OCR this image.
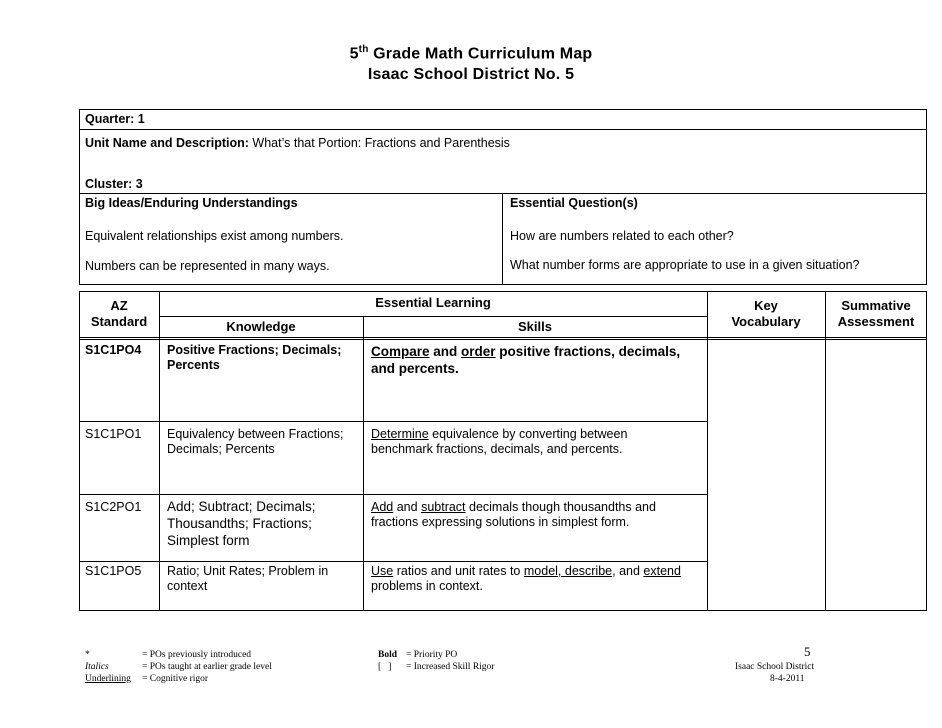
5th Grade Math Curriculum Map
Isaac School District No. 5
Quarter: 1
Unit Name and Description: What’s that Portion: Fractions and Parenthesis
Cluster: 3
Big Ideas/Enduring Understandings
Equivalent relationships exist among numbers.
Numbers can be represented in many ways.
Essential Question(s)
How are numbers related to each other?
What number forms are appropriate to use in a given situation?
AZ
Standard
Essential Learning
Knowledge	Skills
Key
Vocabulary
Summative
Assessment
S1C1PO4 Positive Fractions; Decimals; Percents
Compare and order positive fractions, decimals, and percents.
S1C1PO1 Equivalency between Fractions; Decimals; Percents
Determine equivalence by converting between benchmark fractions, decimals, and percents.
S1C2PO1 Add; Subtract; Decimals; Thousandths; Fractions; Simplest form
Add and subtract decimals though thousandths and fractions expressing solutions in simplest form.
S1C1PO5 Ratio; Unit Rates; Problem in context
Use ratios and unit rates to model, describe, and extend problems in context.
*	= POs previously introduced
Italics	= POs taught at earlier grade level
Underlining = Cognitive rigor
Bold = Priority PO
[   ] = Increased Skill Rigor
5
Isaac School District
8-4-2011
